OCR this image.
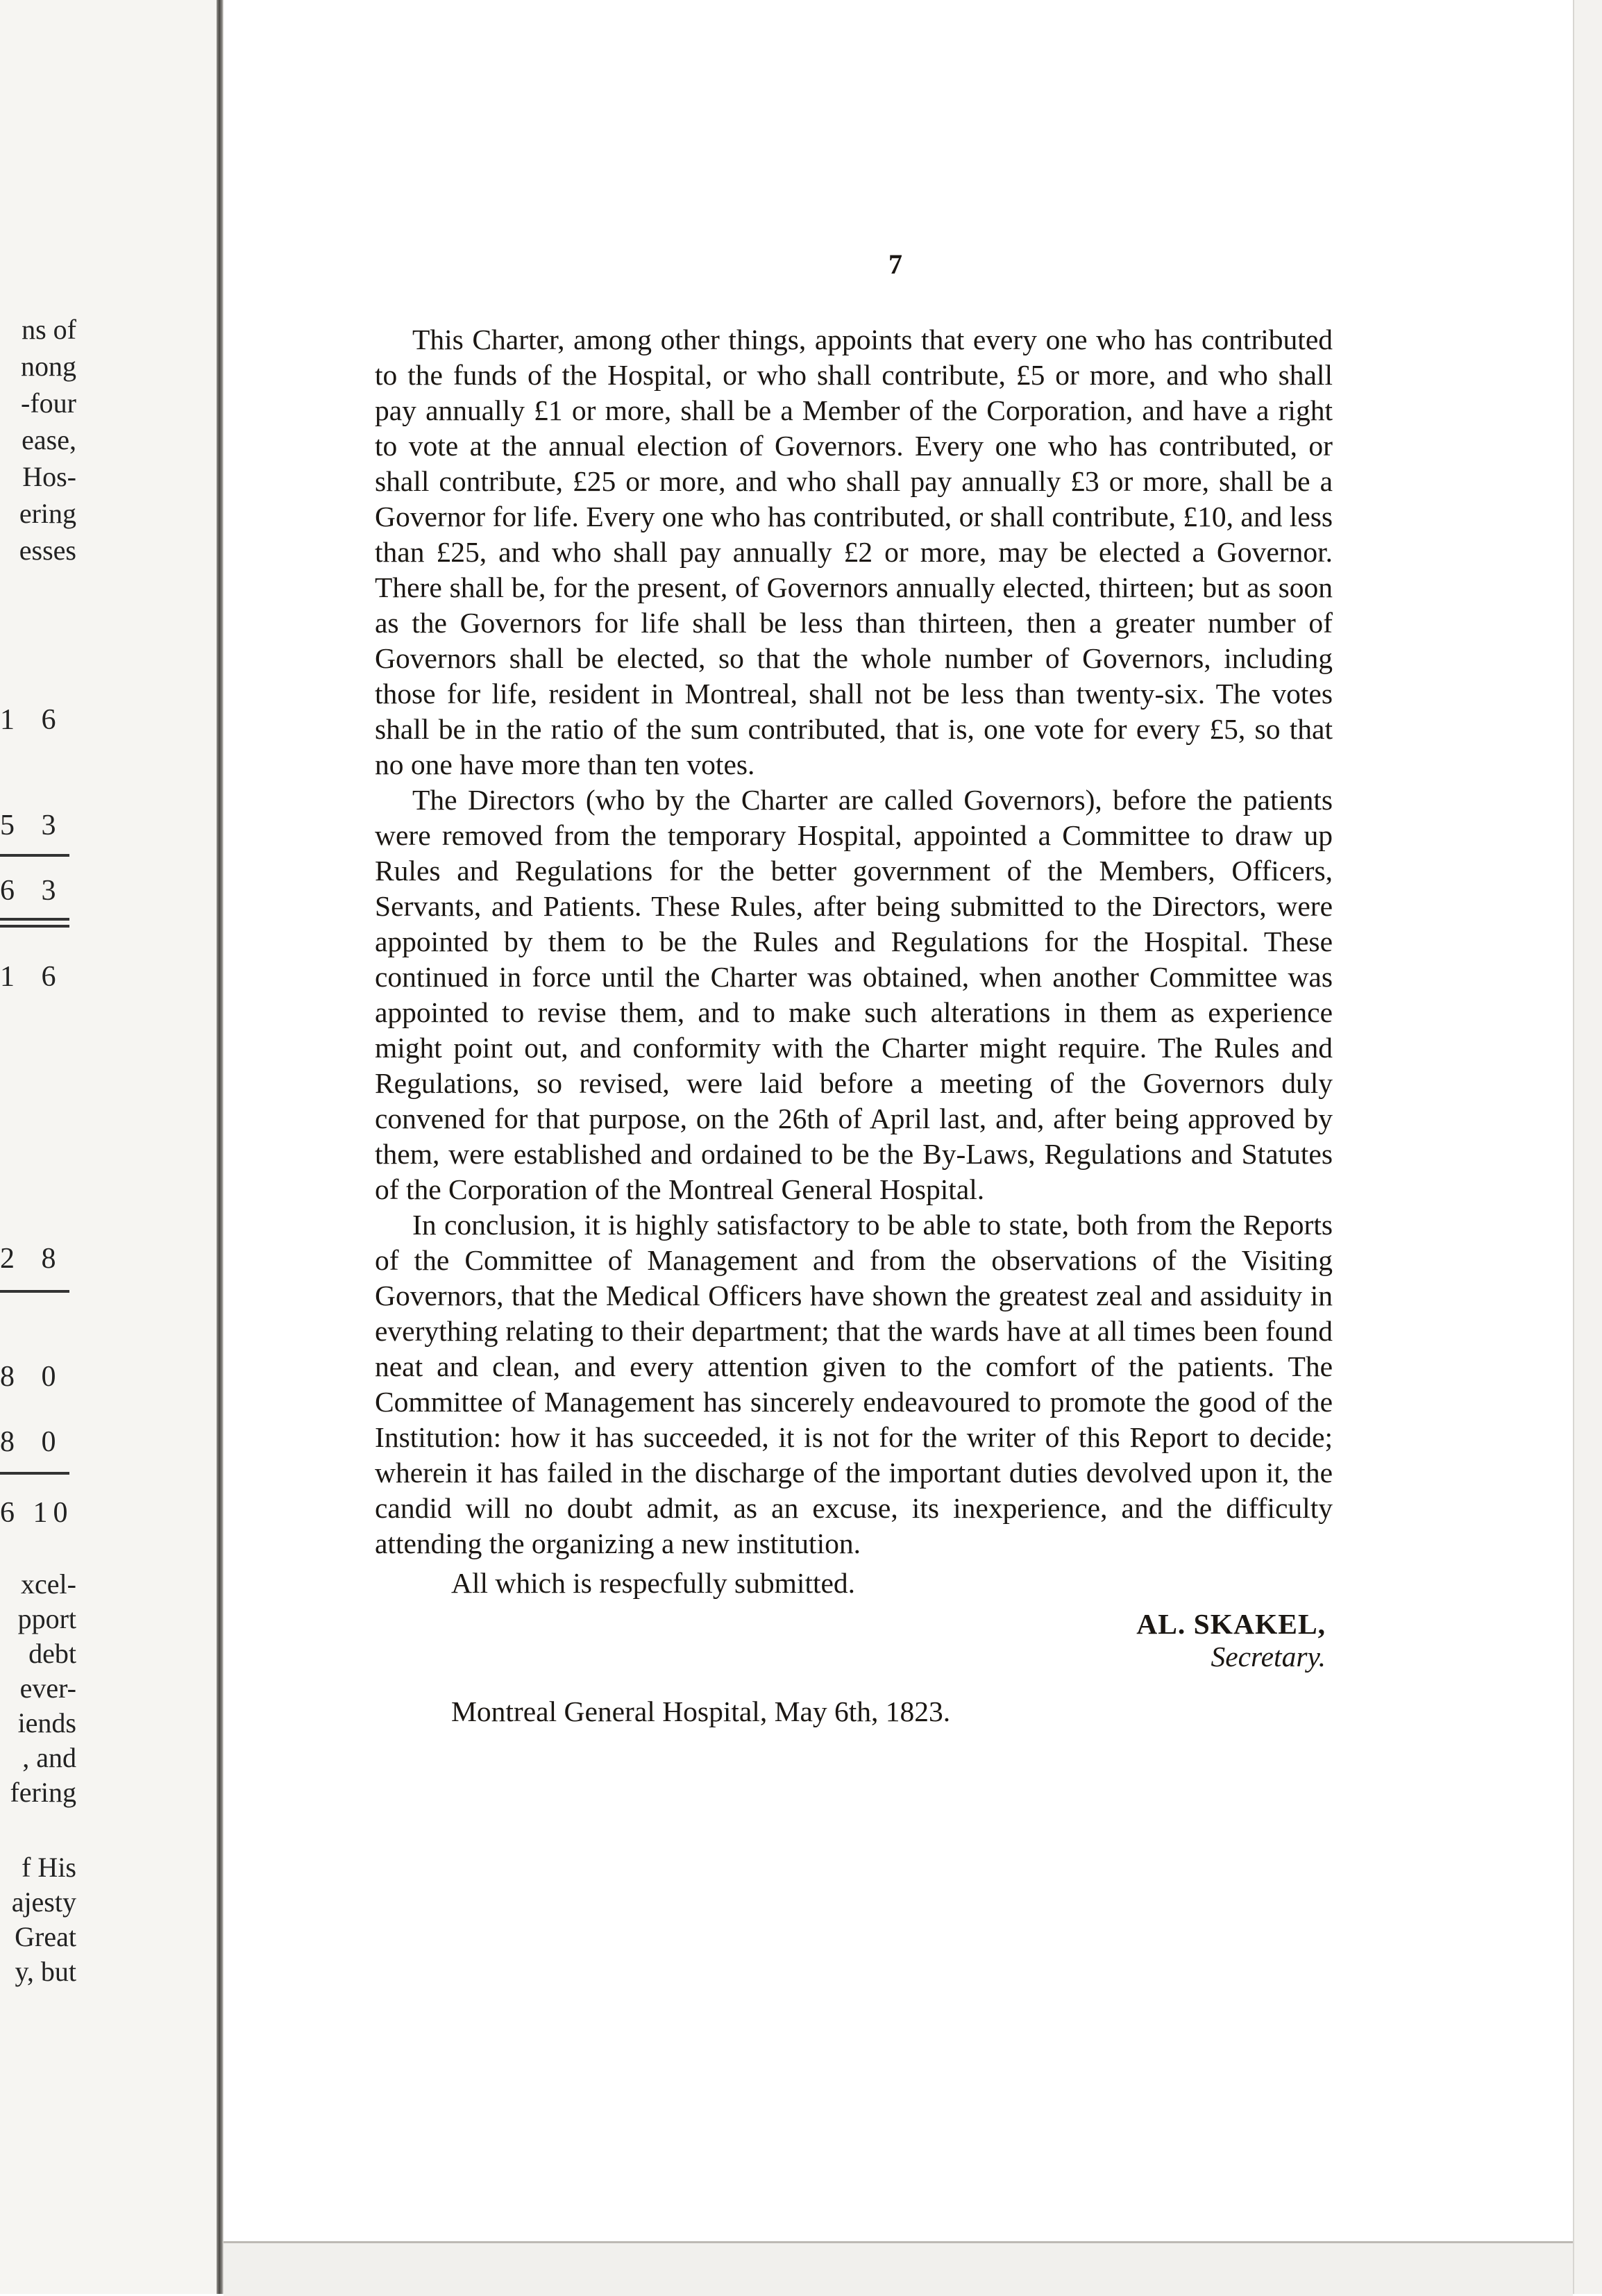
ns of
nong
-four
ease,
Hos-
ering
esses
1 6
5 3
6 3
1 6
2 8
8 0
8 0
6 10
xcel-
pport
debt
ever-
iends
, and
fering
f His
ajesty
Great
y, but
7

This Charter, among other things, appoints that every one who has contributed to the funds of the Hospital, or who shall contribute, £5 or more, and who shall pay annually £1 or more, shall be a Member of the Corporation, and have a right to vote at the annual election of Governors. Every one who has contributed, or shall contribute, £25 or more, and who shall pay annually £3 or more, shall be a Governor for life. Every one who has contributed, or shall contribute, £10, and less than £25, and who shall pay annually £2 or more, may be elected a Governor. There shall be, for the present, of Governors annually elected, thirteen; but as soon as the Governors for life shall be less than thirteen, then a greater number of Governors shall be elected, so that the whole number of Governors, including those for life, resident in Montreal, shall not be less than twenty-six. The votes shall be in the ratio of the sum contributed, that is, one vote for every £5, so that no one have more than ten votes.

The Directors (who by the Charter are called Governors), before the patients were removed from the temporary Hospital, appointed a Committee to draw up Rules and Regulations for the better government of the Members, Officers, Servants, and Patients. These Rules, after being submitted to the Directors, were appointed by them to be the Rules and Regulations for the Hospital. These continued in force until the Charter was obtained, when another Committee was appointed to revise them, and to make such alterations in them as experience might point out, and conformity with the Charter might require. The Rules and Regulations, so revised, were laid before a meeting of the Governors duly convened for that purpose, on the 26th of April last, and, after being approved by them, were established and ordained to be the By-Laws, Regulations and Statutes of the Corporation of the Montreal General Hospital.

In conclusion, it is highly satisfactory to be able to state, both from the Reports of the Committee of Management and from the observations of the Visiting Governors, that the Medical Officers have shown the greatest zeal and assiduity in everything relating to their department; that the wards have at all times been found neat and clean, and every attention given to the comfort of the patients. The Committee of Management has sincerely endeavoured to promote the good of the Institution: how it has succeeded, it is not for the writer of this Report to decide; wherein it has failed in the discharge of the important duties devolved upon it, the candid will no doubt admit, as an excuse, its inexperience, and the difficulty attending the organizing a new institution.

All which is respecfully submitted.

AL. SKAKEL,
Secretary.
Montreal General Hospital, May 6th, 1823.
